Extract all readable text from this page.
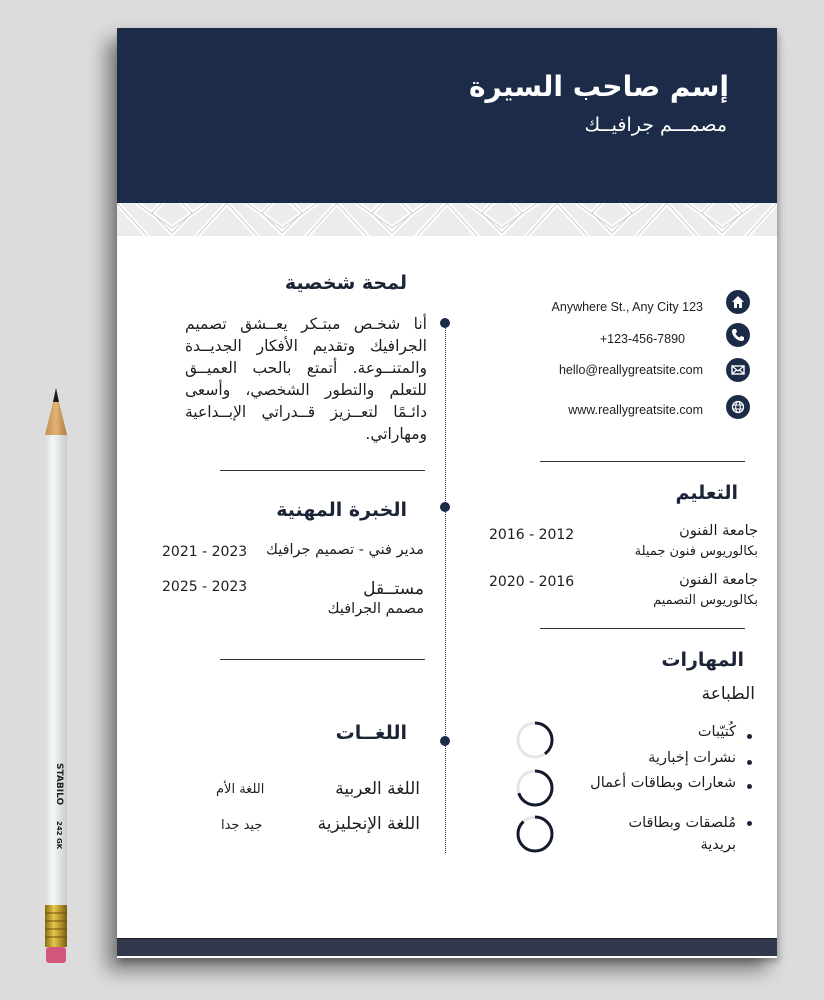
STABILO
242 GK
إسم صاحب السيرة
مصمـــم جرافيــك
Anywhere St., Any City 123
+123-456-7890
hello@reallygreatsite.com
www.reallygreatsite.com
التعليم
جامعة الفنون
بكالوريوس فنون جميلة
2016 - 2012
جامعة الفنون
بكالوريوس التصميم
2020 - 2016
المهارات
الطباعة
كُتيّبات
نشرات إخبارية
شعارات وبطاقات أعمال
مُلصقات وبطاقات بريدية
لمحة شخصية
أنا شخـص مبتـكر يعــشق تصميم الجرافيك وتقديم الأفكار الجديــدة والمتنــوعة. أتمتع بالحب العميــق للتعلم والتطور الشخصي، وأسعى دائـمًا لتعــزيز قــدراتي الإبــداعية ومهاراتي.
الخبرة المهنية
مدير فني - تصميم جرافيك
2021 - 2023
مستــقل
2025 - 2023
مصمم الجرافيك
اللغــات
اللغة العربية
اللغة الأم
اللغة الإنجليزية
جيد جدا
